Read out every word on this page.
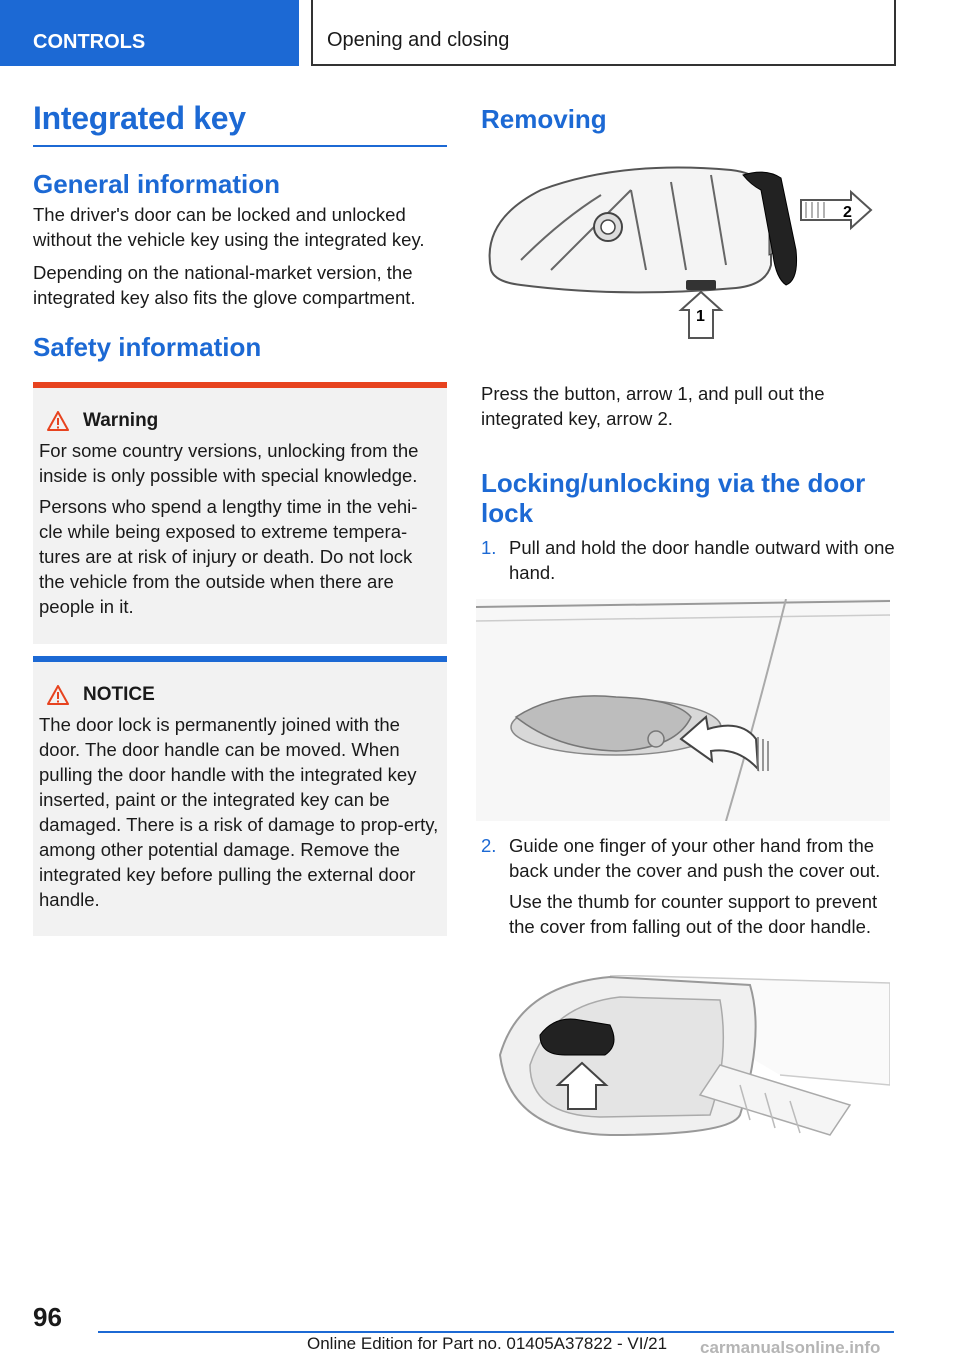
CONTROLS	Opening and closing
Integrated key
General information
The driver's door can be locked and unlocked without the vehicle key using the integrated key.
Depending on the national-market version, the integrated key also fits the glove compartment.
Safety information
Warning
For some country versions, unlocking from the inside is only possible with special knowledge.
Persons who spend a lengthy time in the vehi-cle while being exposed to extreme tempera-tures are at risk of injury or death. Do not lock the vehicle from the outside when there are people in it.
NOTICE
The door lock is permanently joined with the door. The door handle can be moved. When pulling the door handle with the integrated key inserted, paint or the integrated key can be damaged. There is a risk of damage to prop-erty, among other potential damage. Remove the integrated key before pulling the external door handle.
Removing
2
1
Press the button, arrow 1, and pull out the integrated key, arrow 2.
Locking/unlocking via the door lock
1. Pull and hold the door handle outward with one hand.
2. Guide one finger of your other hand from the back under the cover and push the cover out.
Use the thumb for counter support to prevent the cover from falling out of the door handle.
96
Online Edition for Part no. 01405A37822 - VI/21 carmanualsonline.info
